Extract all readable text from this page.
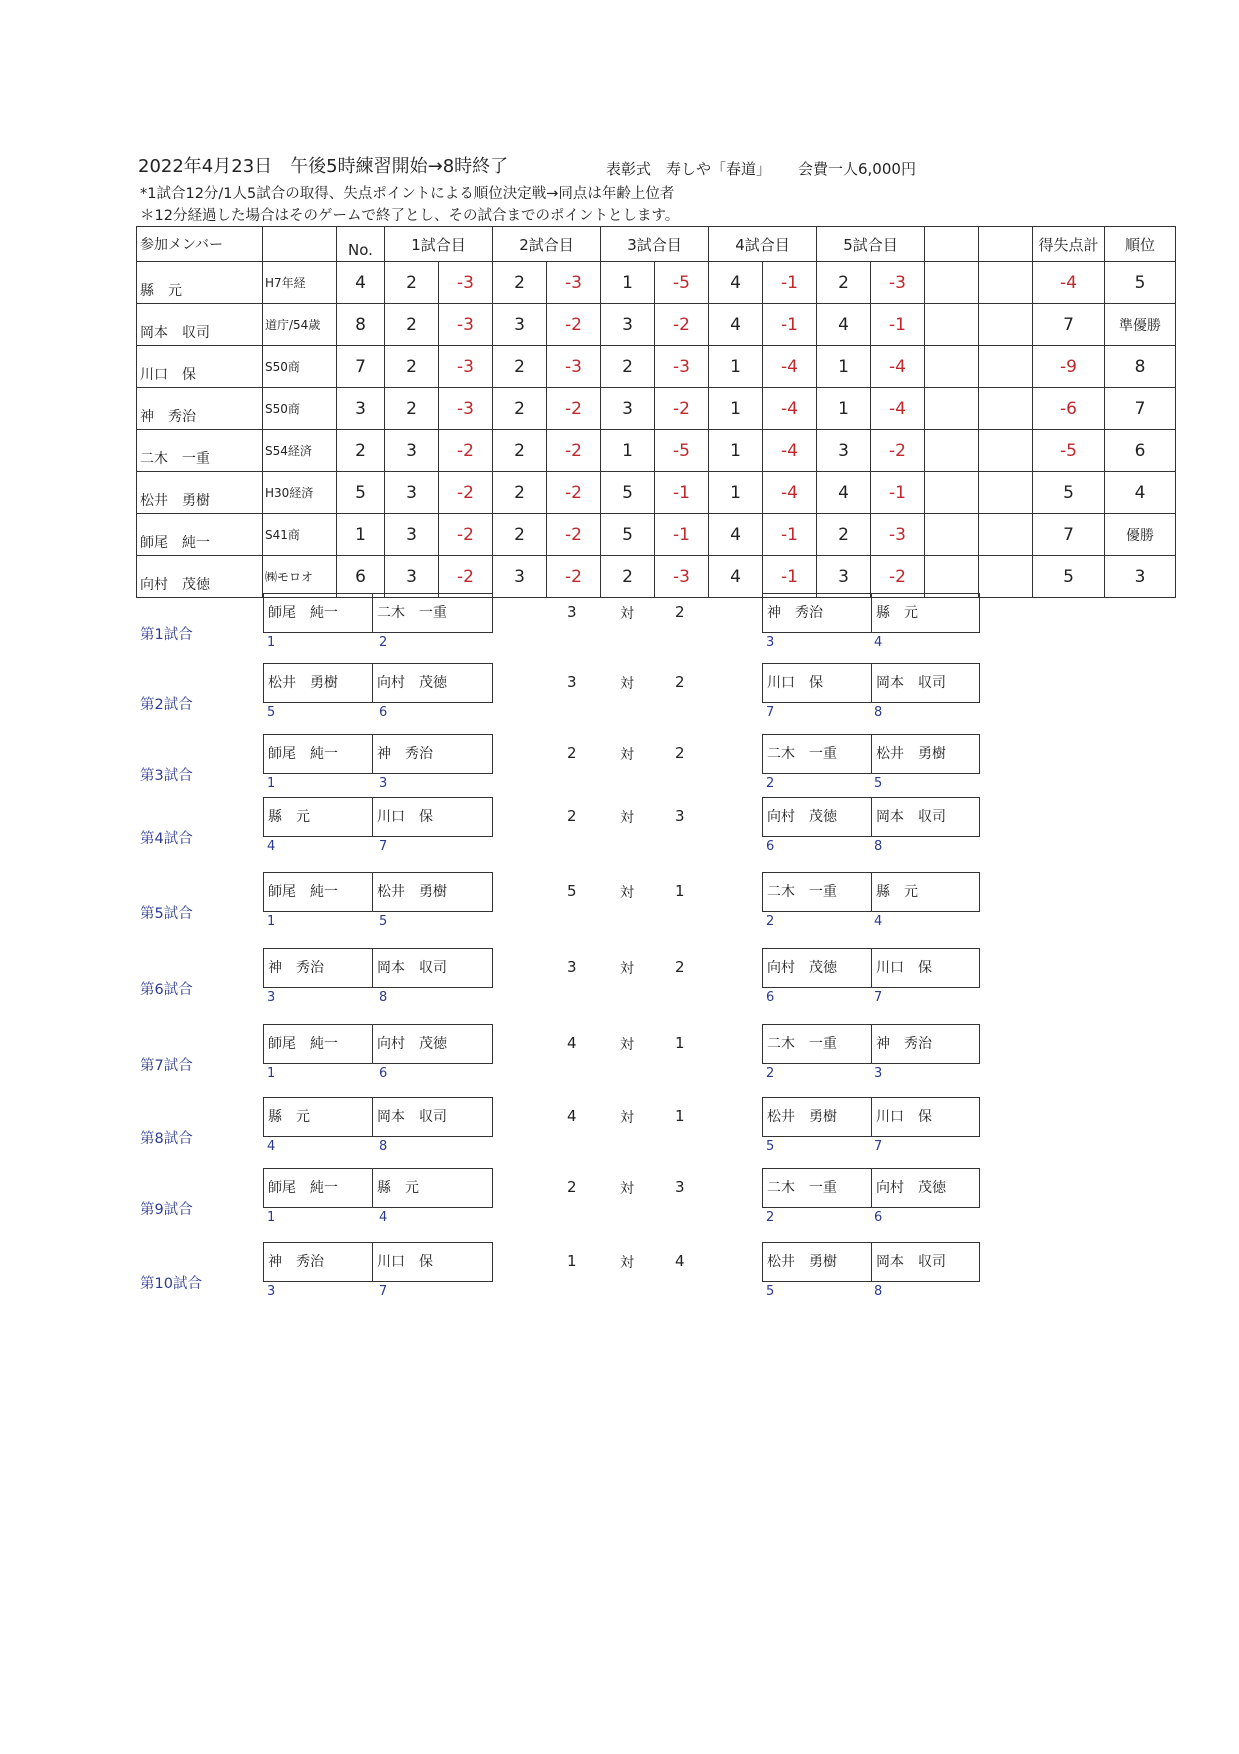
2022年4月23日　午後5時練習開始→8時終了	表彰式　寿しや「春道」 会費一人6,000円
*1試合12分/1人5試合の取得、失点ポイントによる順位決定戦→同点は年齢上位者
＊12分経過した場合はそのゲームで終了とし、その試合までのポイントとします。
参加メンバー		No.	1試合目		2試合目		3試合目		4試合目		5試合目				得失点計	順位
縣　元	H7年経	4	2	-3	2	-3	1	-5	4	-1	2	-3			-4	5
岡本　収司	道庁/54歳	8	2	-3	3	-2	3	-2	4	-1	4	-1			7	準優勝
川口　保	S50商	7	2	-3	2	-3	2	-3	1	-4	1	-4			-9	8
神　秀治	S50商	3	2	-3	2	-2	3	-2	1	-4	1	-4			-6	7
二木　一重	S54経済	2	3	-2	2	-2	1	-5	1	-4	3	-2			-5	6
松井　勇樹	H30経済	5	3	-2	2	-2	5	-1	1	-4	4	-1			5	4
師尾　純一	S41商	1	3	-2	2	-2	5	-1	4	-1	2	-3			7	優勝
向村　茂徳	㈱モロオ	6	3	-2	3	-2	2	-3	4	-1	3	-2			5	3
第1試合
師尾　純一	二木　一重
1	2
3	対	2	神　秀治	縣　元
3	4
第2試合
松井　勇樹	向村　茂徳
5	6
3	対	2	川口　保	岡本　収司
7	8
第3試合
師尾　純一	神　秀治
1	3
2	対	2	二木　一重	松井　勇樹
2	5
第4試合
縣　元	川口　保
4	7
2	対	3	向村　茂徳	岡本　収司
6	8
第5試合
師尾　純一	松井　勇樹
1	5
5	対	1	二木　一重	縣　元
2	4
第6試合
神　秀治	岡本　収司
3	8
3	対	2	向村　茂徳	川口　保
6	7
第7試合
師尾　純一	向村　茂徳
1	6
4	対	1	二木　一重	神　秀治
2	3
第8試合
縣　元	岡本　収司
4	8
4	対	1	松井　勇樹	川口　保
5	7
第9試合
師尾　純一	縣　元
1	4
2	対	3	二木　一重	向村　茂徳
2	6
第10試合
神　秀治	川口　保
3	7
1	対	4	松井　勇樹	岡本　収司
5	8
